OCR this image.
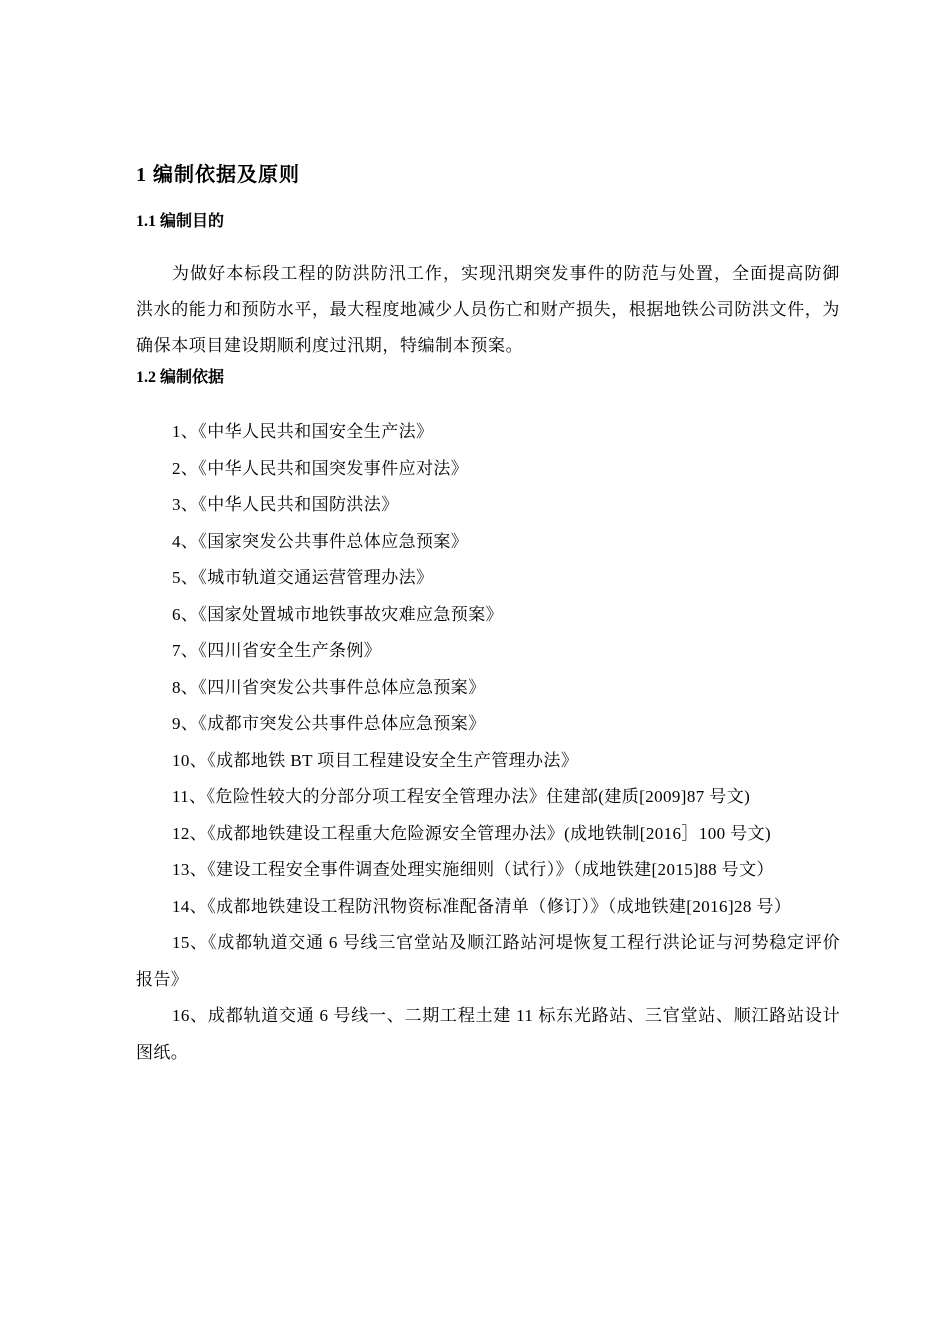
1 编制依据及原则
1.1 编制目的

为做好本标段工程的防洪防汛工作，实现汛期突发事件的防范与处置，全面提高防御洪水的能力和预防水平，最大程度地减少人员伤亡和财产损失，根据地铁公司防洪文件，为确保本项目建设期顺利度过汛期，特编制本预案。

1.2 编制依据

1、《中华人民共和国安全生产法》

2、《中华人民共和国突发事件应对法》

3、《中华人民共和国防洪法》

4、《国家突发公共事件总体应急预案》

5、《城市轨道交通运营管理办法》

6、《国家处置城市地铁事故灾难应急预案》

7、《四川省安全生产条例》

8、《四川省突发公共事件总体应急预案》

9、《成都市突发公共事件总体应急预案》

10、《成都地铁 BT 项目工程建设安全生产管理办法》

11、《危险性较大的分部分项工程安全管理办法》住建部(建质[2009]87 号文)

12、《成都地铁建设工程重大危险源安全管理办法》(成地铁制[2016］100 号文)

13、《建设工程安全事件调查处理实施细则（试行）》（成地铁建[2015]88 号文）

14、《成都地铁建设工程防汛物资标准配备清单（修订）》（成地铁建[2016]28 号）

15、《成都轨道交通 6 号线三官堂站及顺江路站河堤恢复工程行洪论证与河势稳定评价报告》

16、成都轨道交通 6 号线一、二期工程土建 11 标东光路站、三官堂站、顺江路站设计图纸。
